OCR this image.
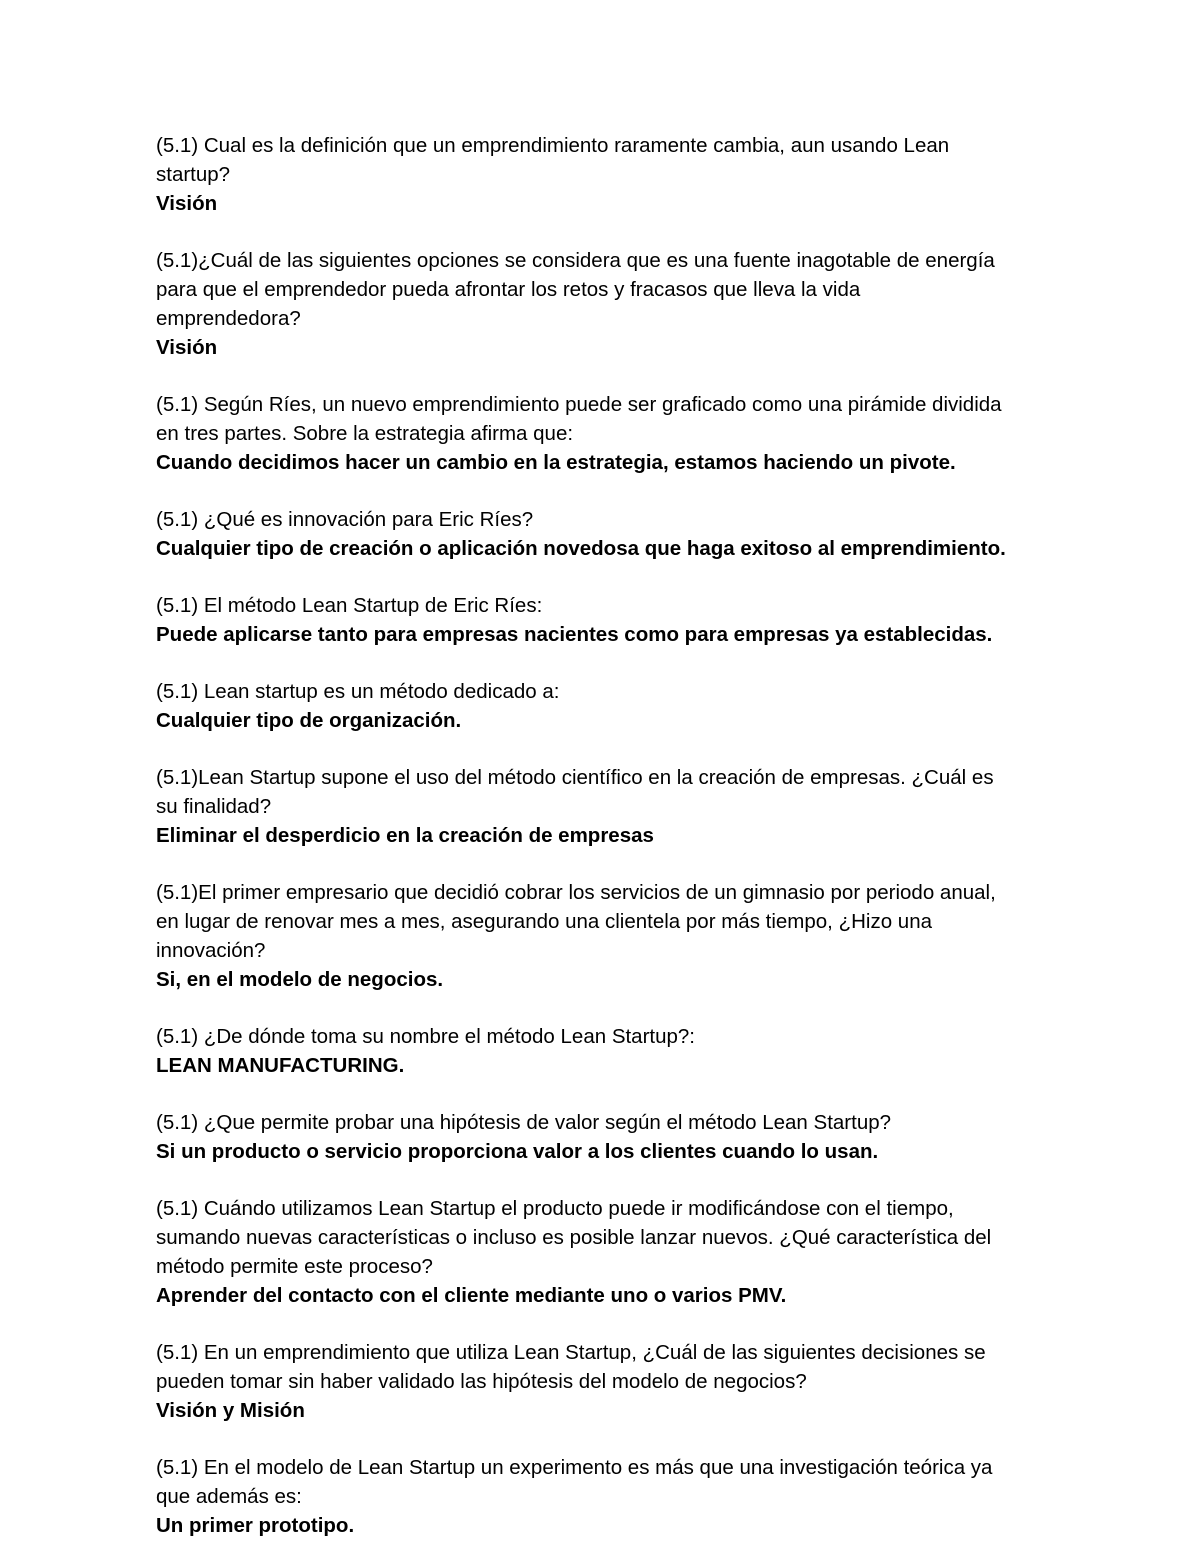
(5.1) Cual es la definición que un emprendimiento raramente cambia, aun usando Lean
startup?

Visión

(5.1)¿Cuál de las siguientes opciones se considera que es una fuente inagotable de energía
para que el emprendedor pueda afrontar los retos y fracasos que lleva la vida
emprendedora?

Visión

(5.1) Según Ríes, un nuevo emprendimiento puede ser graficado como una pirámide dividida
en tres partes. Sobre la estrategia afirma que:

Cuando decidimos hacer un cambio en la estrategia, estamos haciendo un pivote.

(5.1) ¿Qué es innovación para Eric Ríes?

Cualquier tipo de creación o aplicación novedosa que haga exitoso al emprendimiento.

(5.1) El método Lean Startup de Eric Ríes:

Puede aplicarse tanto para empresas nacientes como para empresas ya establecidas.

(5.1) Lean startup es un método dedicado a:

Cualquier tipo de organización.

(5.1)Lean Startup supone el uso del método científico en la creación de empresas. ¿Cuál es
su finalidad?

Eliminar el desperdicio en la creación de empresas

(5.1)El primer empresario que decidió cobrar los servicios de un gimnasio por periodo anual,
en lugar de renovar mes a mes, asegurando una clientela por más tiempo, ¿Hizo una
innovación?

Si, en el modelo de negocios.

(5.1) ¿De dónde toma su nombre el método Lean Startup?:

LEAN MANUFACTURING.

(5.1) ¿Que permite probar una hipótesis de valor según el método Lean Startup?

Si un producto o servicio proporciona valor a los clientes cuando lo usan.

(5.1) Cuándo utilizamos Lean Startup el producto puede ir modificándose con el tiempo,
sumando nuevas características o incluso es posible lanzar nuevos. ¿Qué característica del
método permite este proceso?

Aprender del contacto con el cliente mediante uno o varios PMV.

(5.1) En un emprendimiento que utiliza Lean Startup, ¿Cuál de las siguientes decisiones se
pueden tomar sin haber validado las hipótesis del modelo de negocios?

Visión y Misión

(5.1) En el modelo de Lean Startup un experimento es más que una investigación teórica ya
que además es:

Un primer prototipo.
